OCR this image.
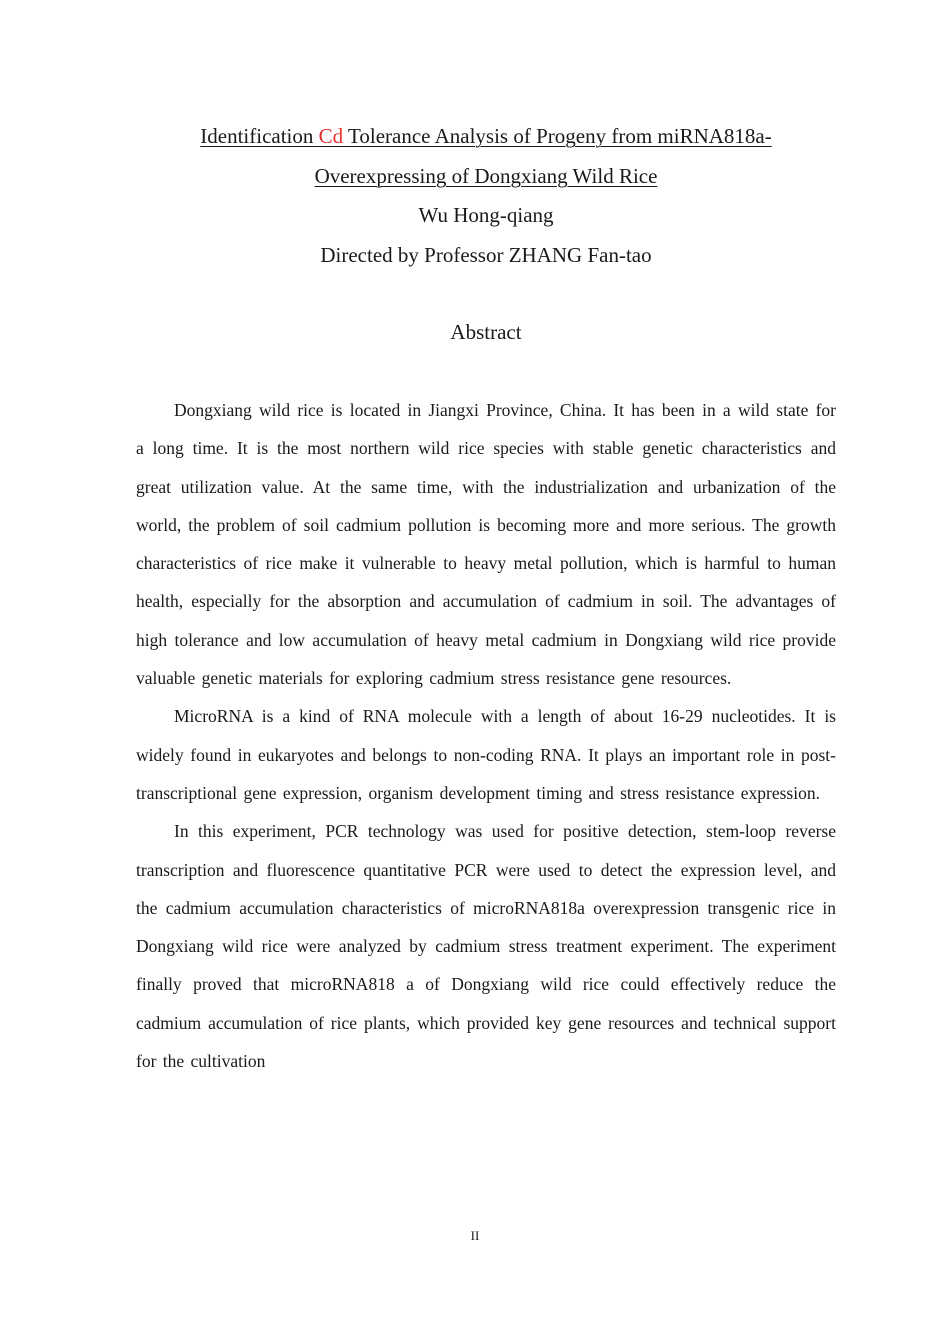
Identification Cd Tolerance Analysis of Progeny from miRNA818a-
Overexpressing of Dongxiang Wild Rice
Wu Hong-qiang
Directed by Professor ZHANG Fan-tao
Abstract

Dongxiang wild rice is located in Jiangxi Province, China. It has been in a wild state for a long time. It is the most northern wild rice species with stable genetic characteristics and great utilization value. At the same time, with the industrialization and urbanization of the world, the problem of soil cadmium pollution is becoming more and more serious. The growth characteristics of rice make it vulnerable to heavy metal pollution, which is harmful to human health, especially for the absorption and accumulation of cadmium in soil. The advantages of high tolerance and low accumulation of heavy metal cadmium in Dongxiang wild rice provide valuable genetic materials for exploring cadmium stress resistance gene resources.

MicroRNA is a kind of RNA molecule with a length of about 16-29 nucleotides. It is widely found in eukaryotes and belongs to non-coding RNA. It plays an important role in post-transcriptional gene expression, organism development timing and stress resistance expression.

In this experiment, PCR technology was used for positive detection, stem-loop reverse transcription and fluorescence quantitative PCR were used to detect the expression level, and the cadmium accumulation characteristics of microRNA818a overexpression transgenic rice in Dongxiang wild rice were analyzed by cadmium stress treatment experiment. The experiment finally proved that microRNA818 a of Dongxiang wild rice could effectively reduce the cadmium accumulation of rice plants, which provided key gene resources and technical support for the cultivation

II
